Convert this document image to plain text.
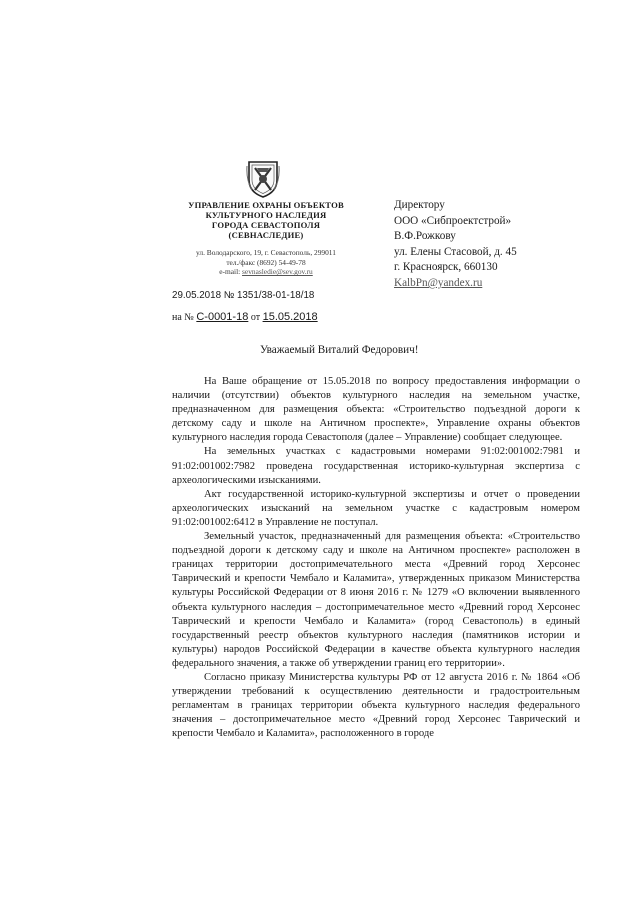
УПРАВЛЕНИЕ ОХРАНЫ ОБЪЕКТОВ
КУЛЬТУРНОГО НАСЛЕДИЯ
ГОРОДА СЕВАСТОПОЛЯ
(СЕВНАСЛЕДИЕ)
ул. Володарского, 19, г. Севастополь, 299011
тел./факс (8692) 54-49-78
e-mail: sevnasledie@sev.gov.ru
Директору
ООО «Сибпроектстрой»
В.Ф.Рожкову
ул. Елены Стасовой, д. 45
г. Красноярск, 660130
KalbPn@yandex.ru
29.05.2018 № 1351/38-01-18/18
на № С-0001-18 от 15.05.2018
Уважаемый Виталий Федорович!

На Ваше обращение от 15.05.2018 по вопросу предоставления информации о наличии (отсутствии) объектов культурного наследия на земельном участке, предназначенном для размещения объекта: «Строительство подъездной дороги к детскому саду и школе на Античном проспекте», Управление охраны объектов культурного наследия города Севастополя (далее – Управление) сообщает следующее.

На земельных участках с кадастровыми номерами 91:02:001002:7981 и 91:02:001002:7982 проведена государственная историко-культурная экспертиза с археологическими изысканиями.

Акт государственной историко-культурной экспертизы и отчет о проведении археологических изысканий на земельном участке с кадастровым номером 91:02:001002:6412 в Управление не поступал.

Земельный участок, предназначенный для размещения объекта: «Строительство подъездной дороги к детскому саду и школе на Античном проспекте» расположен в границах территории достопримечательного места «Древний город Херсонес Таврический и крепости Чембало и Каламита», утвержденных приказом Министерства культуры Российской Федерации от 8 июня 2016 г. № 1279 «О включении выявленного объекта культурного наследия – достопримечательное место «Древний город Херсонес Таврический и крепости Чембало и Каламита» (город Севастополь) в единый государственный реестр объектов культурного наследия (памятников истории и культуры) народов Российской Федерации в качестве объекта культурного наследия федерального значения, а также об утверждении границ его территории».

Согласно приказу Министерства культуры РФ от 12 августа 2016 г. № 1864 «Об утверждении требований к осуществлению деятельности и градостроительным регламентам в границах территории объекта культурного наследия федерального значения – достопримечательное место «Древний город Херсонес Таврический и крепости Чембало и Каламита», расположенного в городе
